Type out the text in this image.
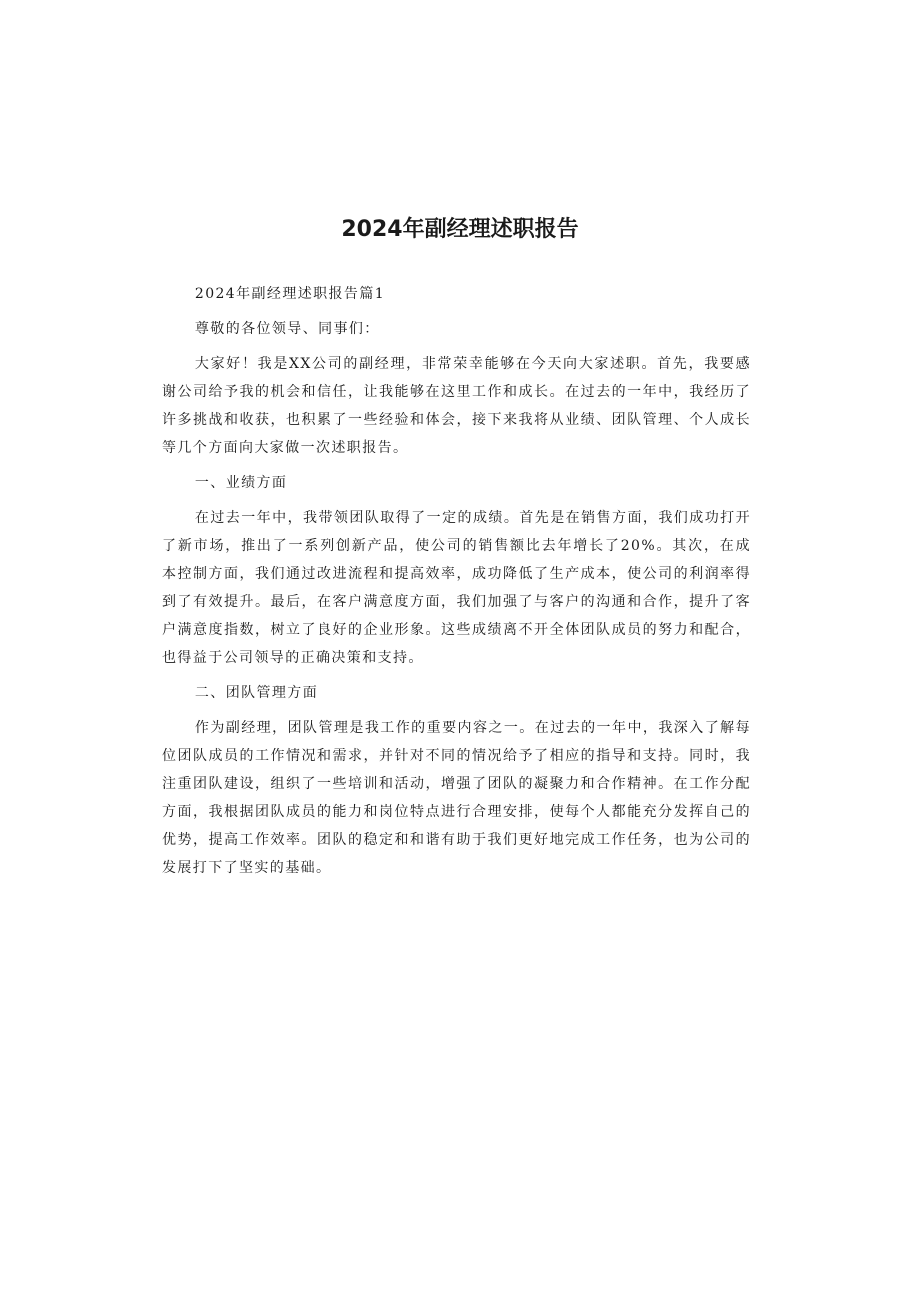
2024年副经理述职报告

2024年副经理述职报告篇1

尊敬的各位领导、同事们：

大家好！我是XX公司的副经理，非常荣幸能够在今天向大家述职。首先，我要感谢公司给予我的机会和信任，让我能够在这里工作和成长。在过去的一年中，我经历了许多挑战和收获，也积累了一些经验和体会，接下来我将从业绩、团队管理、个人成长等几个方面向大家做一次述职报告。

一、业绩方面

在过去一年中，我带领团队取得了一定的成绩。首先是在销售方面，我们成功打开了新市场，推出了一系列创新产品，使公司的销售额比去年增长了20%。其次，在成本控制方面，我们通过改进流程和提高效率，成功降低了生产成本，使公司的利润率得到了有效提升。最后，在客户满意度方面，我们加强了与客户的沟通和合作，提升了客户满意度指数，树立了良好的企业形象。这些成绩离不开全体团队成员的努力和配合，也得益于公司领导的正确决策和支持。

二、团队管理方面

作为副经理，团队管理是我工作的重要内容之一。在过去的一年中，我深入了解每位团队成员的工作情况和需求，并针对不同的情况给予了相应的指导和支持。同时，我注重团队建设，组织了一些培训和活动，增强了团队的凝聚力和合作精神。在工作分配方面，我根据团队成员的能力和岗位特点进行合理安排，使每个人都能充分发挥自己的优势，提高工作效率。团队的稳定和和谐有助于我们更好地完成工作任务，也为公司的发展打下了坚实的基础。
